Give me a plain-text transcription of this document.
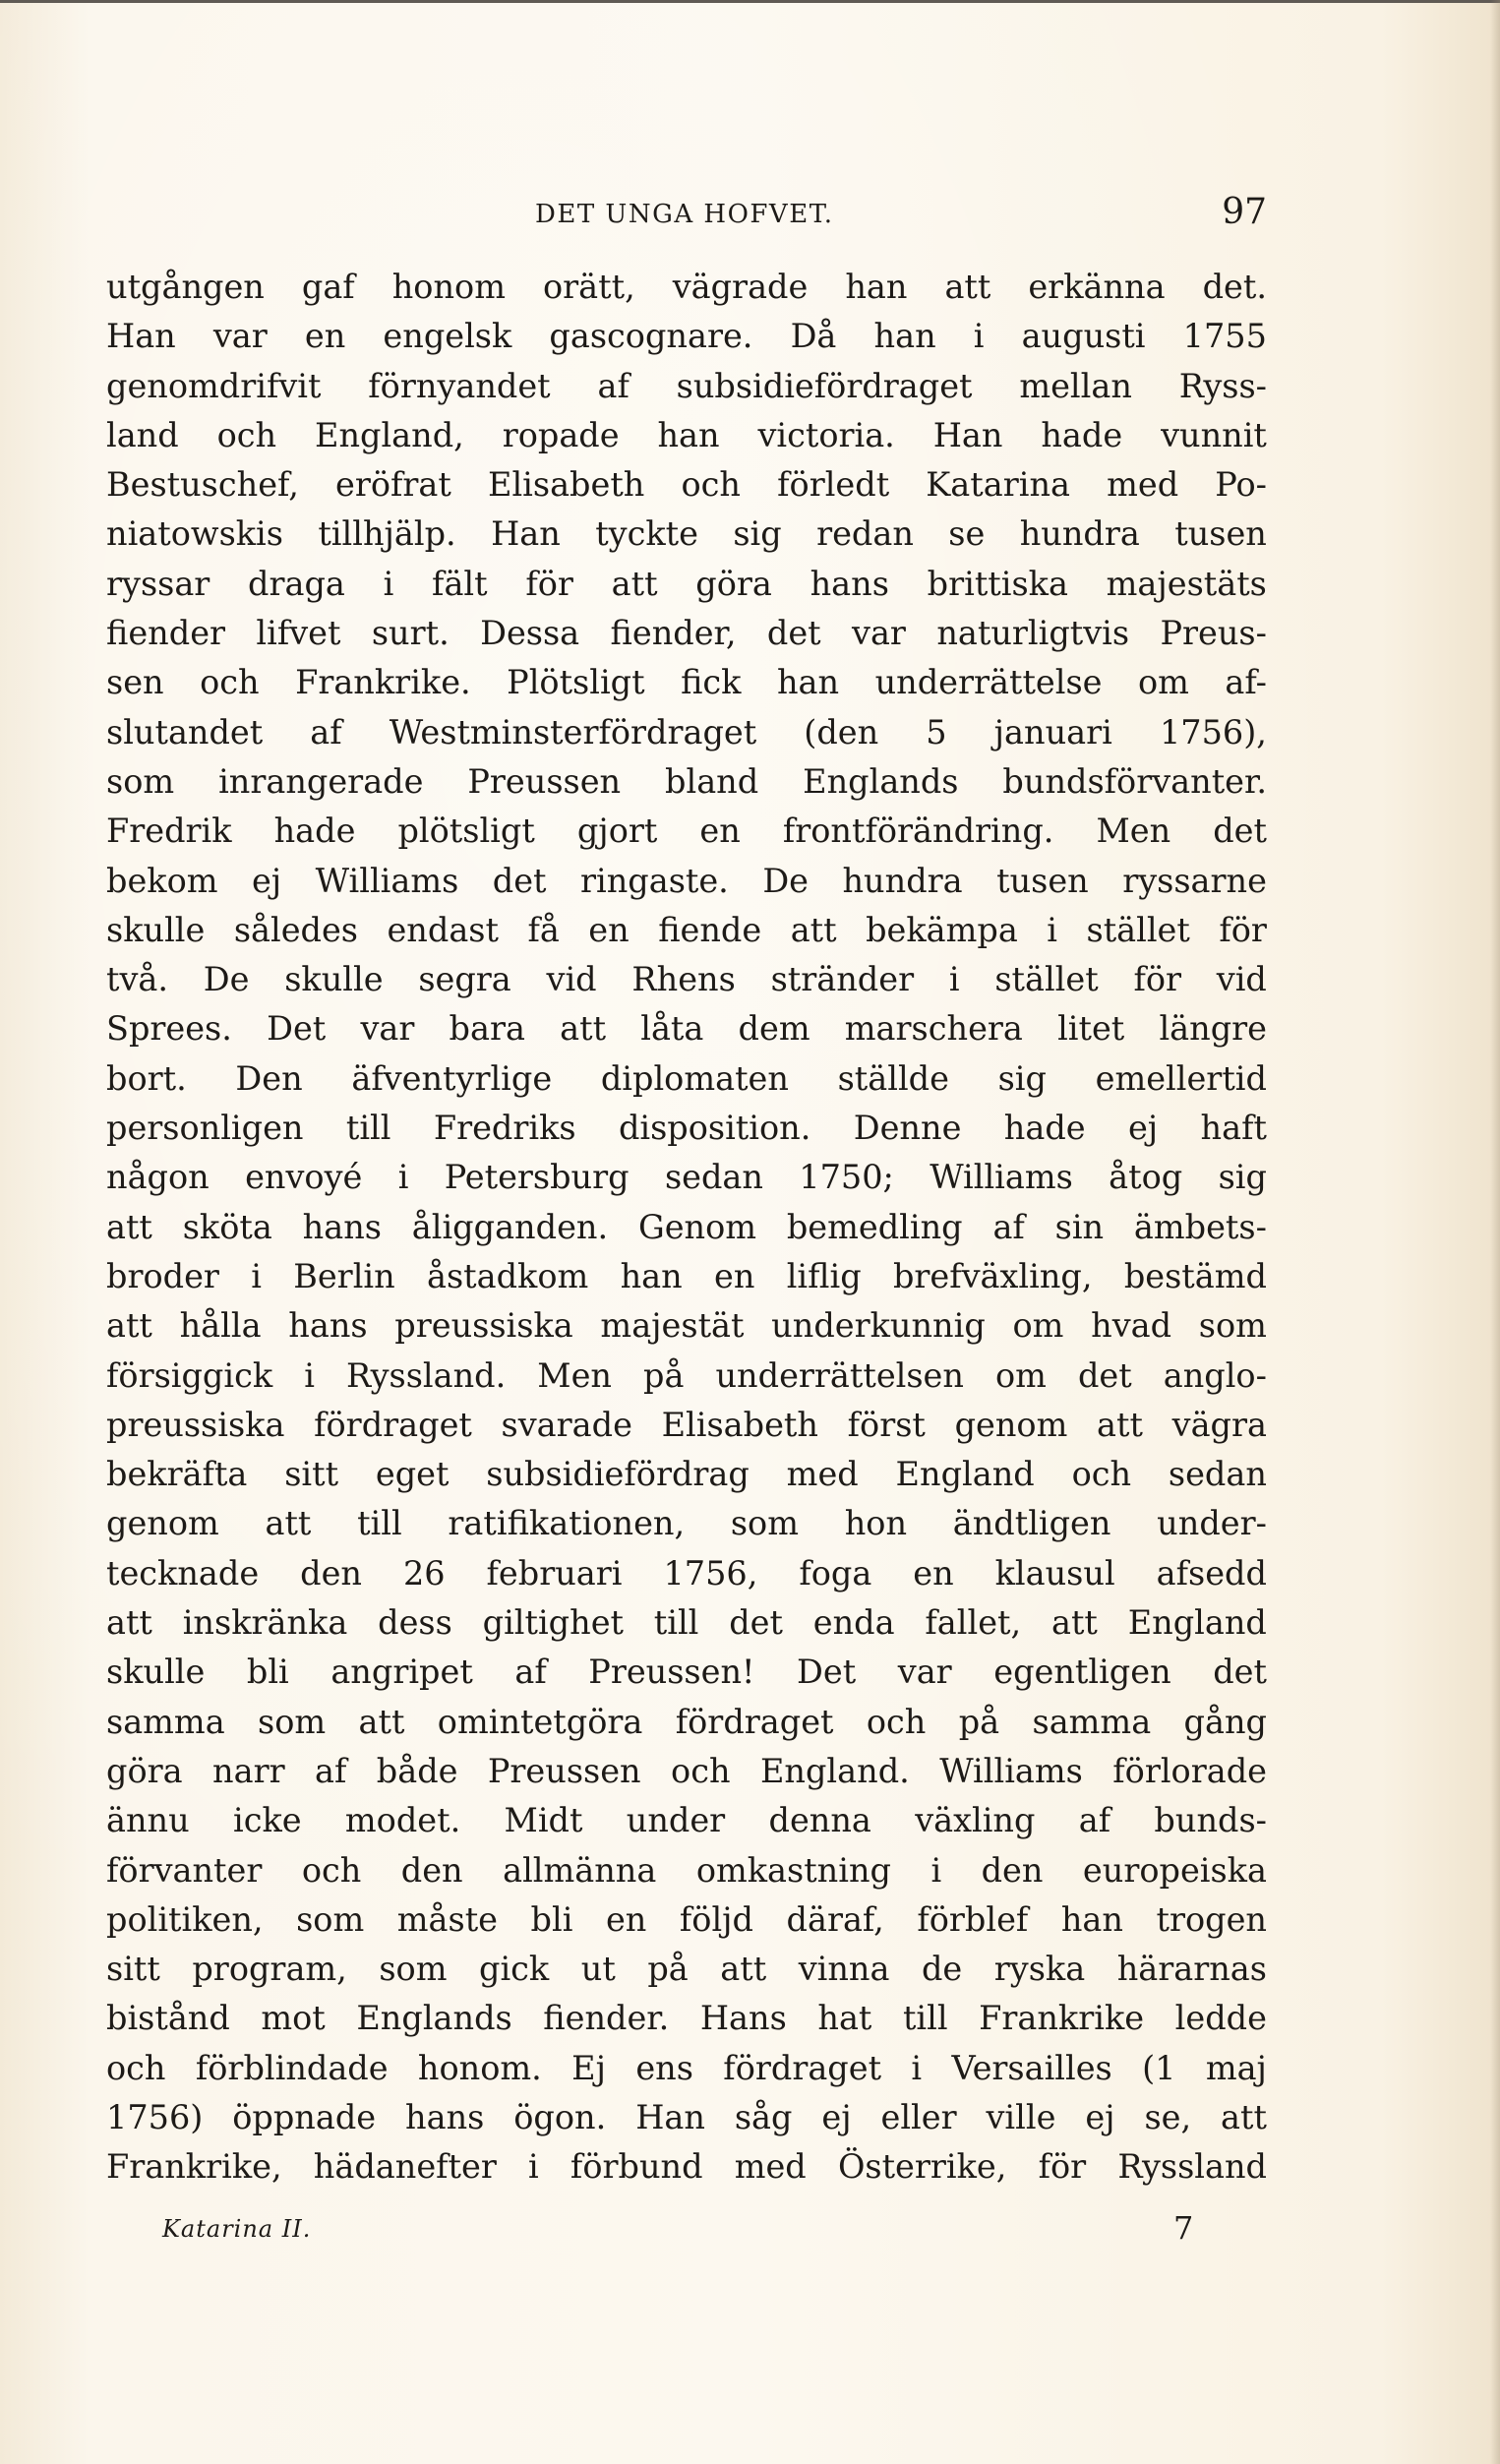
DET UNGA HOFVET.	97
utgången gaf honom orätt, vägrade han att erkänna det.
Han var en engelsk gascognare. Då han i augusti 1755
genomdrifvit förnyandet af subsidiefördraget mellan Ryss-
land och England, ropade han victoria. Han hade vunnit
Bestuschef, eröfrat Elisabeth och förledt Katarina med Po-
niatowskis tillhjälp. Han tyckte sig redan se hundra tusen
ryssar draga i fält för att göra hans brittiska majestäts
fiender lifvet surt. Dessa fiender, det var naturligtvis Preus-
sen och Frankrike. Plötsligt fick han underrättelse om af-
slutandet af Westminsterfördraget (den 5 januari 1756),
som inrangerade Preussen bland Englands bundsförvanter.
Fredrik hade plötsligt gjort en frontförändring. Men det
bekom ej Williams det ringaste. De hundra tusen ryssarne
skulle således endast få en fiende att bekämpa i stället för
två. De skulle segra vid Rhens stränder i stället för vid
Sprees. Det var bara att låta dem marschera litet längre
bort. Den äfventyrlige diplomaten ställde sig emellertid
personligen till Fredriks disposition. Denne hade ej haft
någon envoyé i Petersburg sedan 1750; Williams åtog sig
att sköta hans åligganden. Genom bemedling af sin ämbets-
broder i Berlin åstadkom han en liflig brefväxling, bestämd
att hålla hans preussiska majestät underkunnig om hvad som
försiggick i Ryssland. Men på underrättelsen om det anglo-
preussiska fördraget svarade Elisabeth först genom att vägra
bekräfta sitt eget subsidiefördrag med England och sedan
genom att till ratifikationen, som hon ändtligen under-
tecknade den 26 februari 1756, foga en klausul afsedd
att inskränka dess giltighet till det enda fallet, att England
skulle bli angripet af Preussen! Det var egentligen det
samma som att omintetgöra fördraget och på samma gång
göra narr af både Preussen och England. Williams förlorade
ännu icke modet. Midt under denna växling af bunds-
förvanter och den allmänna omkastning i den europeiska
politiken, som måste bli en följd däraf, förblef han trogen
sitt program, som gick ut på att vinna de ryska härarnas
bistånd mot Englands fiender. Hans hat till Frankrike ledde
och förblindade honom. Ej ens fördraget i Versailles (1 maj
1756) öppnade hans ögon. Han såg ej eller ville ej se, att
Frankrike, hädanefter i förbund med Österrike, för Ryssland
Katarina II.	7
